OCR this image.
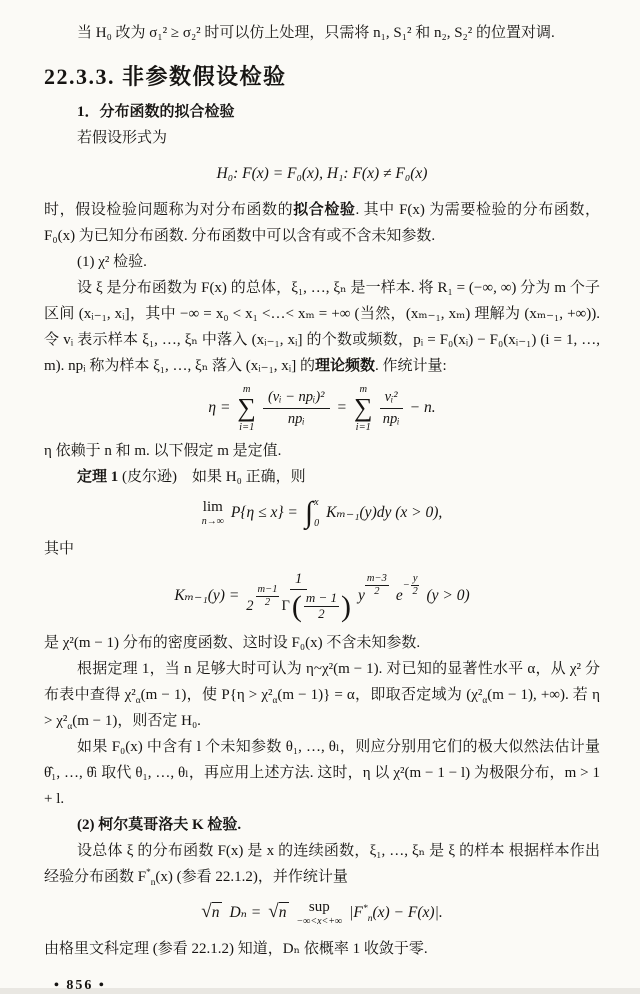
当 H₀ 改为 σ₁² ≥ σ₂² 时可以仿上处理，只需将 n₁, S₁² 和 n₂, S₂² 的位置对调.

22.3.3. 非参数假设检验

1．分布函数的拟合检验

若假设形式为

H₀: F(x) = F₀(x), H₁: F(x) ≠ F₀(x)

时，假设检验问题称为对分布函数的拟合检验. 其中 F(x) 为需要检验的分布函数，F₀(x) 为已知分布函数. 分布函数中可以含有或不含未知参数.

(1) χ² 检验.

设 ξ 是分布函数为 F(x) 的总体，ξ₁, …, ξₙ 是一样本. 将 R₁ = (−∞, ∞) 分为 m 个子区间 (xᵢ₋₁, xᵢ]，其中 −∞ = x₀ < x₁ <…< xₘ = +∞ (当然，(xₘ₋₁, xₘ) 理解为 (xₘ₋₁, +∞)). 令 vᵢ 表示样本 ξ₁, …, ξₙ 中落入 (xᵢ₋₁, xᵢ] 的个数或频数，pᵢ = F₀(xᵢ) − F₀(xᵢ₋₁) (i = 1, …, m). npᵢ 称为样本 ξ₁, …, ξₙ 落入 (xᵢ₋₁, xᵢ] 的理论频数. 作统计量:

η =
m
∑
$i=1 \frac{\text{(vᵢ − npᵢ)²}}{\text{npᵢ}}$ =
m
∑
$i=1 \frac{\text{vᵢ²}}{\text{npᵢ}} - n$.

η 依赖于 n 和 m. 以下假定 m 是定值.

定理 1 (皮尔逊)　如果 H₀ 正确，则

lim
n→∞
P{η ≤ x} = ∫ x
0
Kₘ₋₁(y)dy (x > 0),

其中

Kₘ₋₁(y) =
1
$2 \frac{m-1}{2}$ Γ ( $\frac{m - 1}{2}$ ) y $\frac{m-3}{2}$ e
− $\frac{y}{2} (y > 0)$

是 χ²(m − 1) 分布的密度函数、这时设 F₀(x) 不含未知参数.

根据定理 1，当 n 足够大时可认为 η~χ²(m − 1). 对已知的显著性水平 α，从 χ² 分布表中查得 $\chi^2_\alpha(m - 1)$，使 $P\{\eta > \chi^2_\alpha(m - 1)\} = \alpha$，即取否定域为 ($\chi^2_\alpha(m - 1)$, +∞). 若 $\eta > \chi^2_\alpha(m - 1)$，则否定 H₀.

如果 F₀(x) 中含有 l 个未知参数 θ₁, …, θₗ，则应分别用它们的极大似然法估计量 θ̂₁, …, θ̂ₗ 取代 θ₁, …, θₗ，再应用上述方法. 这时，η 以 χ²(m − 1 − l) 为极限分布，m > 1 + l.

(2) 柯尔莫哥洛夫 K 检验.

设总体 ξ 的分布函数 F(x) 是 x 的连续函数，ξ₁, …, ξₙ 是 ξ 的样本 根据样本作出经验分布函数 $F^*_n(x)$ (参看 22.1.2)，并作统计量

√ n Dₙ = √ n sup
−∞<x<+∞
$|F^*_n(x) - F(x)|$.

由格里文科定理 (参看 22.1.2) 知道，Dₙ 依概率 1 收敛于零.

• 856 •
